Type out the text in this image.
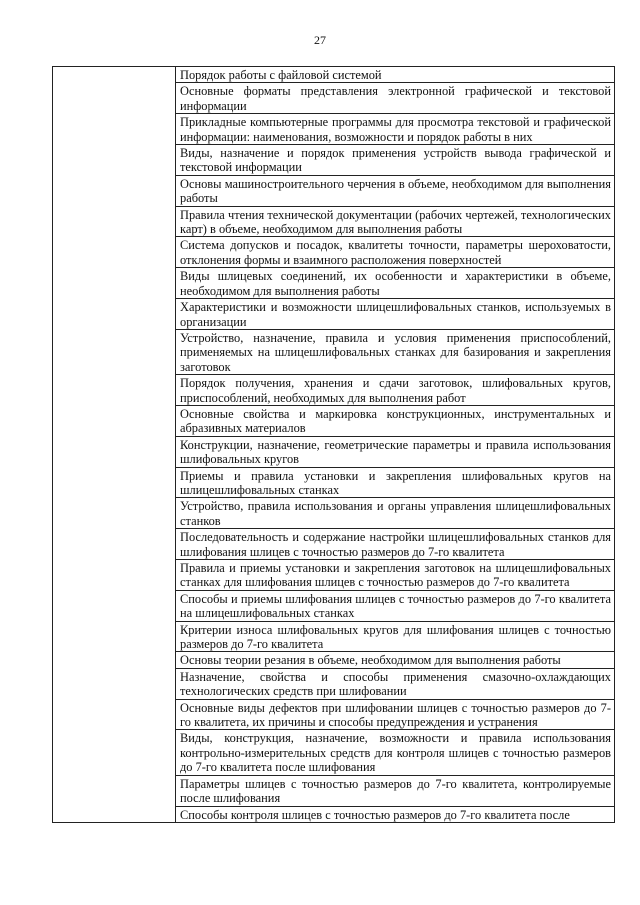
27

Порядок работы с файловой системой

Основные форматы представления электронной графической и текстовой информации

Прикладные компьютерные программы для просмотра текстовой и графической информации: наименования, возможности и порядок работы в них

Виды, назначение и порядок применения устройств вывода графической и текстовой информации

Основы машиностроительного черчения в объеме, необходимом для выполнения работы

Правила чтения технической документации (рабочих чертежей, технологических карт) в объеме, необходимом для выполнения работы

Система допусков и посадок, квалитеты точности, параметры шероховатости, отклонения формы и взаимного расположения поверхностей

Виды шлицевых соединений, их особенности и характеристики в объеме, необходимом для выполнения работы

Характеристики и возможности шлицешлифовальных станков, используемых в организации

Устройство, назначение, правила и условия применения приспособлений, применяемых на шлицешлифовальных станках для базирования и закрепления заготовок

Порядок получения, хранения и сдачи заготовок, шлифовальных кругов, приспособлений, необходимых для выполнения работ

Основные свойства и маркировка конструкционных, инструментальных и абразивных материалов

Конструкции, назначение, геометрические параметры и правила использования шлифовальных кругов

Приемы и правила установки и закрепления шлифовальных кругов на шлицешлифовальных станках

Устройство, правила использования и органы управления шлицешлифовальных станков

Последовательность и содержание настройки шлицешлифовальных станков для шлифования шлицев с точностью размеров до 7-го квалитета

Правила и приемы установки и закрепления заготовок на шлицешлифовальных станках для шлифования шлицев с точностью размеров до 7-го квалитета

Способы и приемы шлифования шлицев с точностью размеров до 7-го квалитета на шлицешлифовальных станках

Критерии износа шлифовальных кругов для шлифования шлицев с точностью размеров до 7-го квалитета

Основы теории резания в объеме, необходимом для выполнения работы

Назначение, свойства и способы применения смазочно-охлаждающих технологических средств при шлифовании

Основные виды дефектов при шлифовании шлицев с точностью размеров до 7-го квалитета, их причины и способы предупреждения и устранения

Виды, конструкция, назначение, возможности и правила использования контрольно-измерительных средств для контроля шлицев с точностью размеров до 7-го квалитета после шлифования

Параметры шлицев с точностью размеров до 7-го квалитета, контролируемые после шлифования

Способы контроля шлицев с точностью размеров до 7-го квалитета после
